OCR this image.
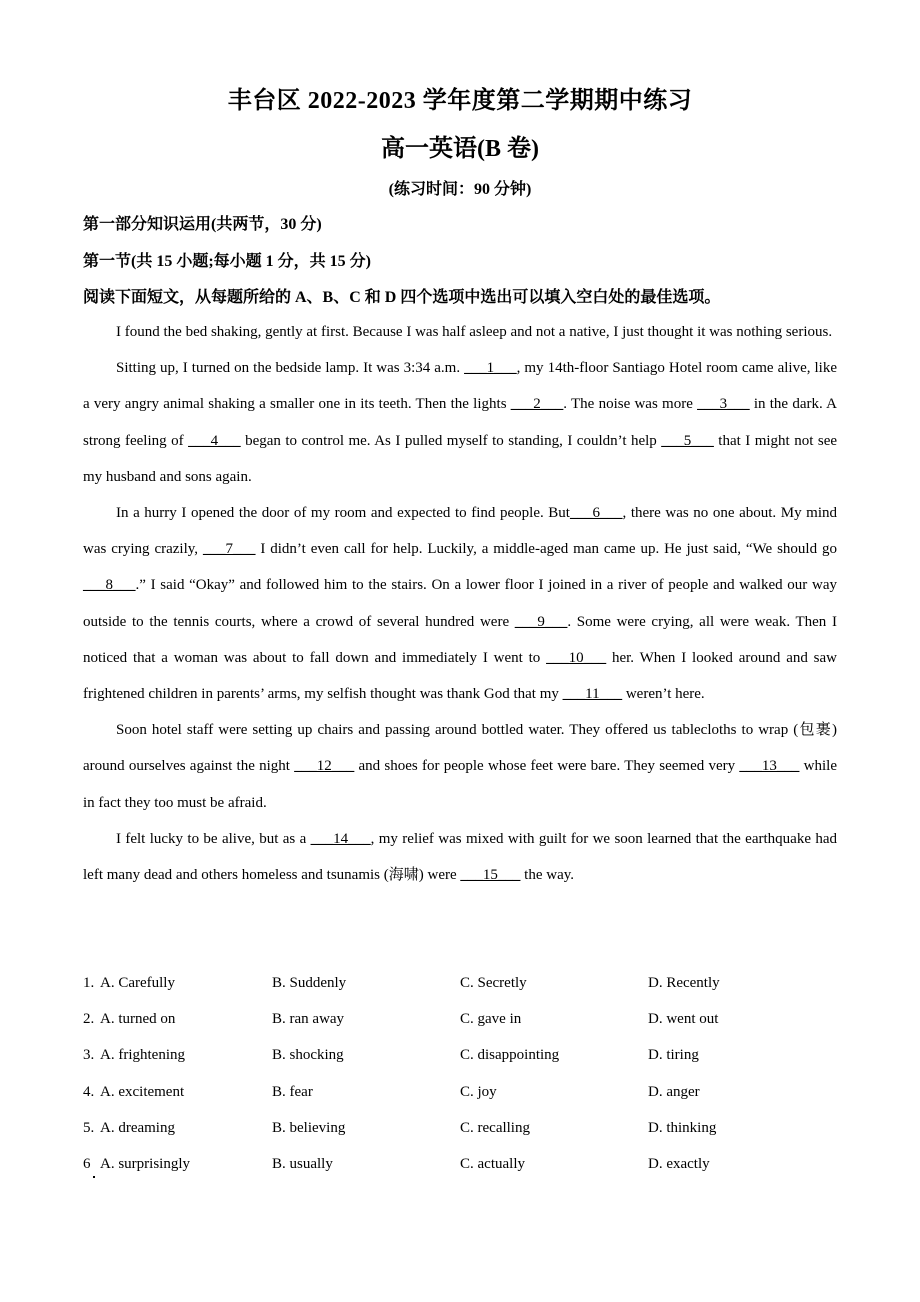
丰台区 2022-2023 学年度第二学期期中练习
高一英语(B 卷)
(练习时间：90 分钟)
第一部分知识运用(共两节，30 分)
第一节(共 15 小题;每小题 1 分，共 15 分)
阅读下面短文，从每题所给的 A、B、C 和 D 四个选项中选出可以填入空白处的最佳选项。

I found the bed shaking, gently at first. Because I was half asleep and not a native, I just thought it was nothing serious.

Sitting up, I turned on the bedside lamp. It was 3:34 a.m. ___1___, my 14th-floor Santiago Hotel room came alive, like a very angry animal shaking a smaller one in its teeth. Then the lights ___2___. The noise was more ___3___ in the dark. A strong feeling of ___4___ began to control me. As I pulled myself to standing, I couldn’t help ___5___ that I might not see my husband and sons again.

In a hurry I opened the door of my room and expected to find people. But___6___, there was no one about. My mind was crying crazily, ___7___ I didn’t even call for help. Luckily, a middle-aged man came up. He just said, “We should go ___8___.” I said “Okay” and followed him to the stairs. On a lower floor I joined in a river of people and walked our way outside to the tennis courts, where a crowd of several hundred were ___9___. Some were crying, all were weak. Then I noticed that a woman was about to fall down and immediately I went to ___10___ her. When I looked around and saw frightened children in parents’ arms, my selfish thought was thank God that my ___11___ weren’t here.

Soon hotel staff were setting up chairs and passing around bottled water. They offered us tablecloths to wrap (包裹) around ourselves against the night ___12___ and shoes for people whose feet were bare. They seemed very ___13___ while in fact they too must be afraid.

I felt lucky to be alive, but as a ___14___, my relief was mixed with guilt for we soon learned that the earthquake had left many dead and others homeless and tsunamis (海啸) were ___15___ the way.

1. A. Carefully	B. Suddenly	C. Secretly	D. Recently
2. A. turned on	B. ran away	C. gave in	D. went out
3. A. frightening	B. shocking	C. disappointing	D. tiring
4. A. excitement	B. fear	C. joy	D. anger
5. A. dreaming	B. believing	C. recalling	D. thinking
6 A. surprisingly	B. usually	C. actually	D. exactly
